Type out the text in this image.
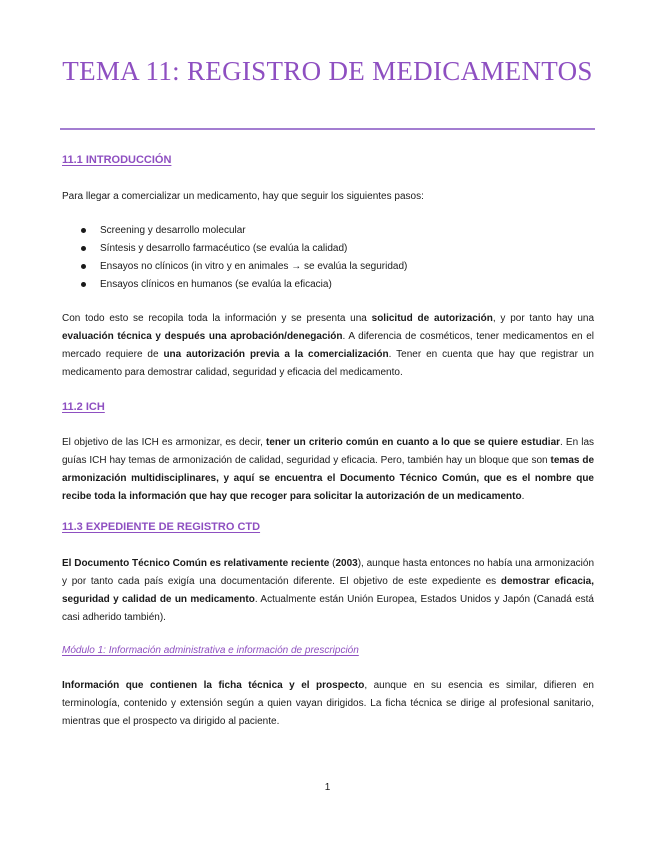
TEMA 11: REGISTRO DE MEDICAMENTOS
11.1 INTRODUCCIÓN

Para llegar a comercializar un medicamento, hay que seguir los siguientes pasos:

Screening y desarrollo molecular
Síntesis y desarrollo farmacéutico (se evalúa la calidad)
Ensayos no clínicos (in vitro y en animales → se evalúa la seguridad)
Ensayos clínicos en humanos (se evalúa la eficacia)

Con todo esto se recopila toda la información y se presenta una solicitud de autorización, y por tanto hay una evaluación técnica y después una aprobación/denegación. A diferencia de cosméticos, tener medicamentos en el mercado requiere de una autorización previa a la comercialización. Tener en cuenta que hay que registrar un medicamento para demostrar calidad, seguridad y eficacia del medicamento.

11.2 ICH

El objetivo de las ICH es armonizar, es decir, tener un criterio común en cuanto a lo que se quiere estudiar. En las guías ICH hay temas de armonización de calidad, seguridad y eficacia. Pero, también hay un bloque que son temas de armonización multidisciplinares, y aquí se encuentra el Documento Técnico Común, que es el nombre que recibe toda la información que hay que recoger para solicitar la autorización de un medicamento.

11.3 EXPEDIENTE DE REGISTRO CTD

El Documento Técnico Común es relativamente reciente (2003), aunque hasta entonces no había una armonización y por tanto cada país exigía una documentación diferente. El objetivo de este expediente es demostrar eficacia, seguridad y calidad de un medicamento. Actualmente están Unión Europea, Estados Unidos y Japón (Canadá está casi adherido también).

Módulo 1: Información administrativa e información de prescripción

Información que contienen la ficha técnica y el prospecto, aunque en su esencia es similar, difieren en terminología, contenido y extensión según a quien vayan dirigidos. La ficha técnica se dirige al profesional sanitario, mientras que el prospecto va dirigido al paciente.

1
